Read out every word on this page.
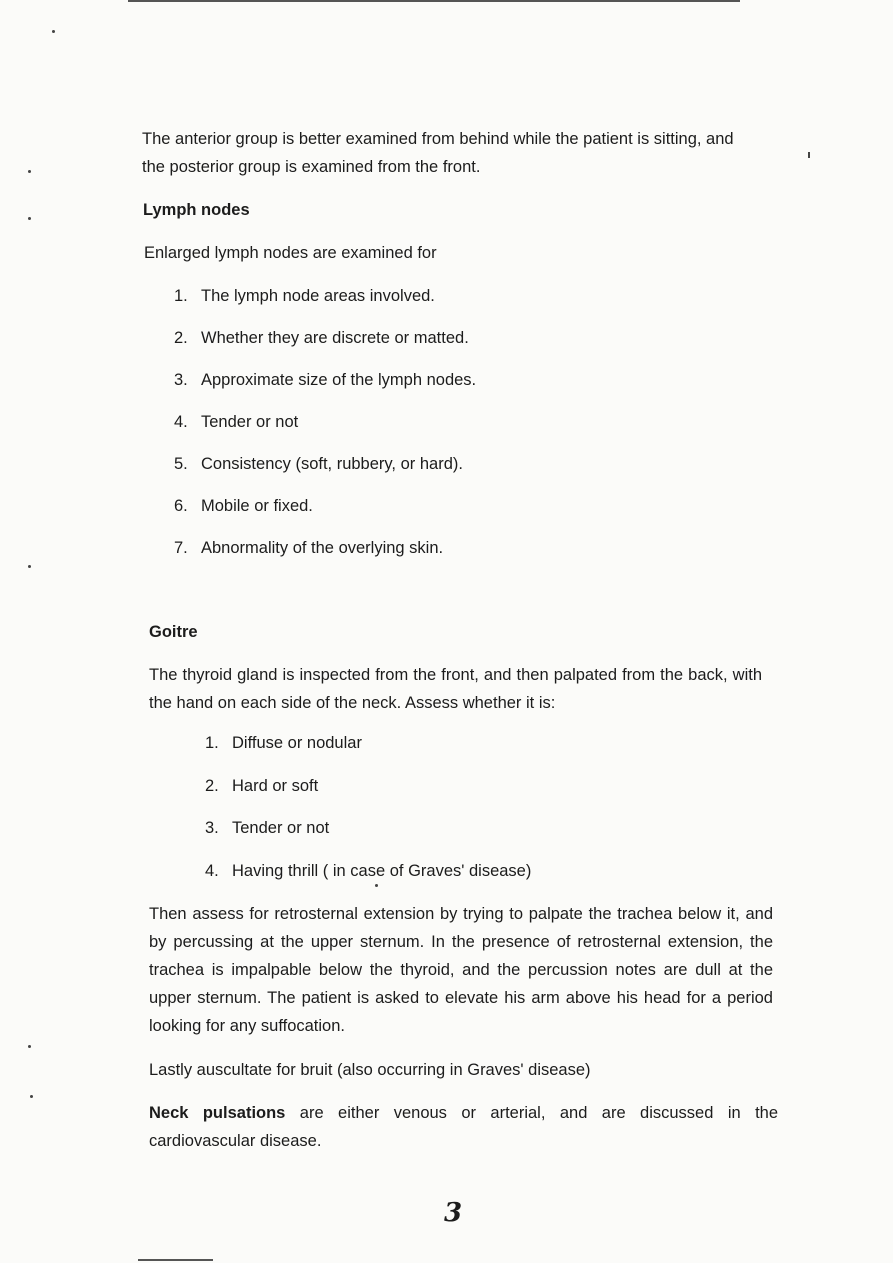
The anterior group is better examined from behind while the patient is sitting, and the posterior group is examined from the front.

Lymph nodes

Enlarged lymph nodes are examined for

1. The lymph node areas involved.
2. Whether they are discrete or matted.
3. Approximate size of the lymph nodes.
4. Tender or not
5. Consistency (soft, rubbery, or hard).
6. Mobile or fixed.
7. Abnormality of the overlying skin.
Goitre

The thyroid gland is inspected from the front, and then palpated from the back, with the hand on each side of the neck. Assess whether it is:

1. Diffuse or nodular
2. Hard or soft
3. Tender or not
4. Having thrill ( in case of Graves' disease)

Then assess for retrosternal extension by trying to palpate the trachea below it, and by percussing at the upper sternum. In the presence of retrosternal extension, the trachea is impalpable below the thyroid, and the percussion notes are dull at the upper sternum. The patient is asked to elevate his arm above his head for a period looking for any suffocation.

Lastly auscultate for bruit (also occurring in Graves' disease)

Neck pulsations are either venous or arterial, and are discussed in the cardiovascular disease.

3
